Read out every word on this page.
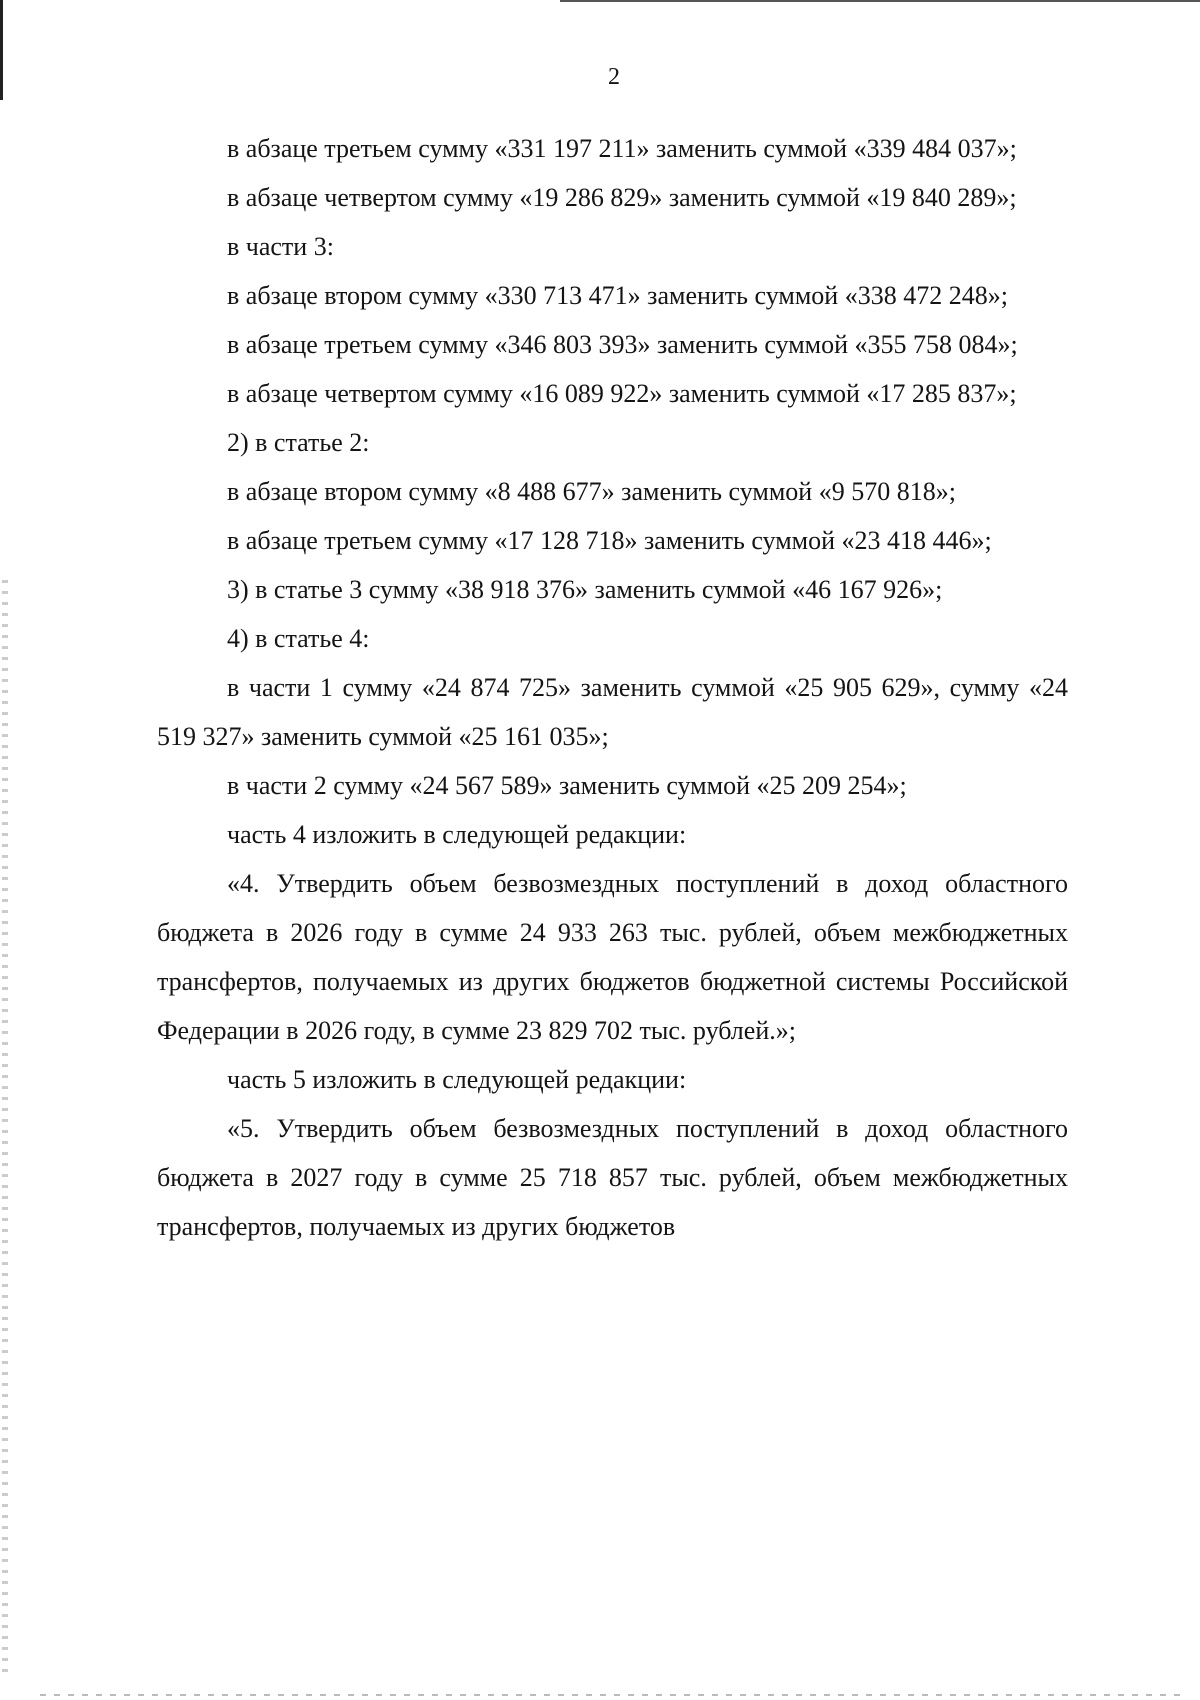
2

в абзаце третьем сумму «331 197 211» заменить суммой «339 484 037»;

в абзаце четвертом сумму «19 286 829» заменить суммой «19 840 289»;

в части 3:

в абзаце втором сумму «330 713 471» заменить суммой «338 472 248»;

в абзаце третьем сумму «346 803 393» заменить суммой «355 758 084»;

в абзаце четвертом сумму «16 089 922» заменить суммой «17 285 837»;

2) в статье 2:

в абзаце втором сумму «8 488 677» заменить суммой «9 570 818»;

в абзаце третьем сумму «17 128 718» заменить суммой «23 418 446»;

3) в статье 3 сумму «38 918 376» заменить суммой «46 167 926»;

4) в статье 4:

в части 1 сумму «24 874 725» заменить суммой «25 905 629», сумму «24 519 327» заменить суммой «25 161 035»;

в части 2 сумму «24 567 589» заменить суммой «25 209 254»;

часть 4 изложить в следующей редакции:

«4. Утвердить объем безвозмездных поступлений в доход областного бюджета в 2026 году в сумме 24 933 263 тыс. рублей, объем межбюджетных трансфертов, получаемых из других бюджетов бюджетной системы Российской Федерации в 2026 году, в сумме 23 829 702 тыс. рублей.»;

часть 5 изложить в следующей редакции:

«5. Утвердить объем безвозмездных поступлений в доход областного бюджета в 2027 году в сумме 25 718 857 тыс. рублей, объем межбюджетных трансфертов, получаемых из других бюджетов
